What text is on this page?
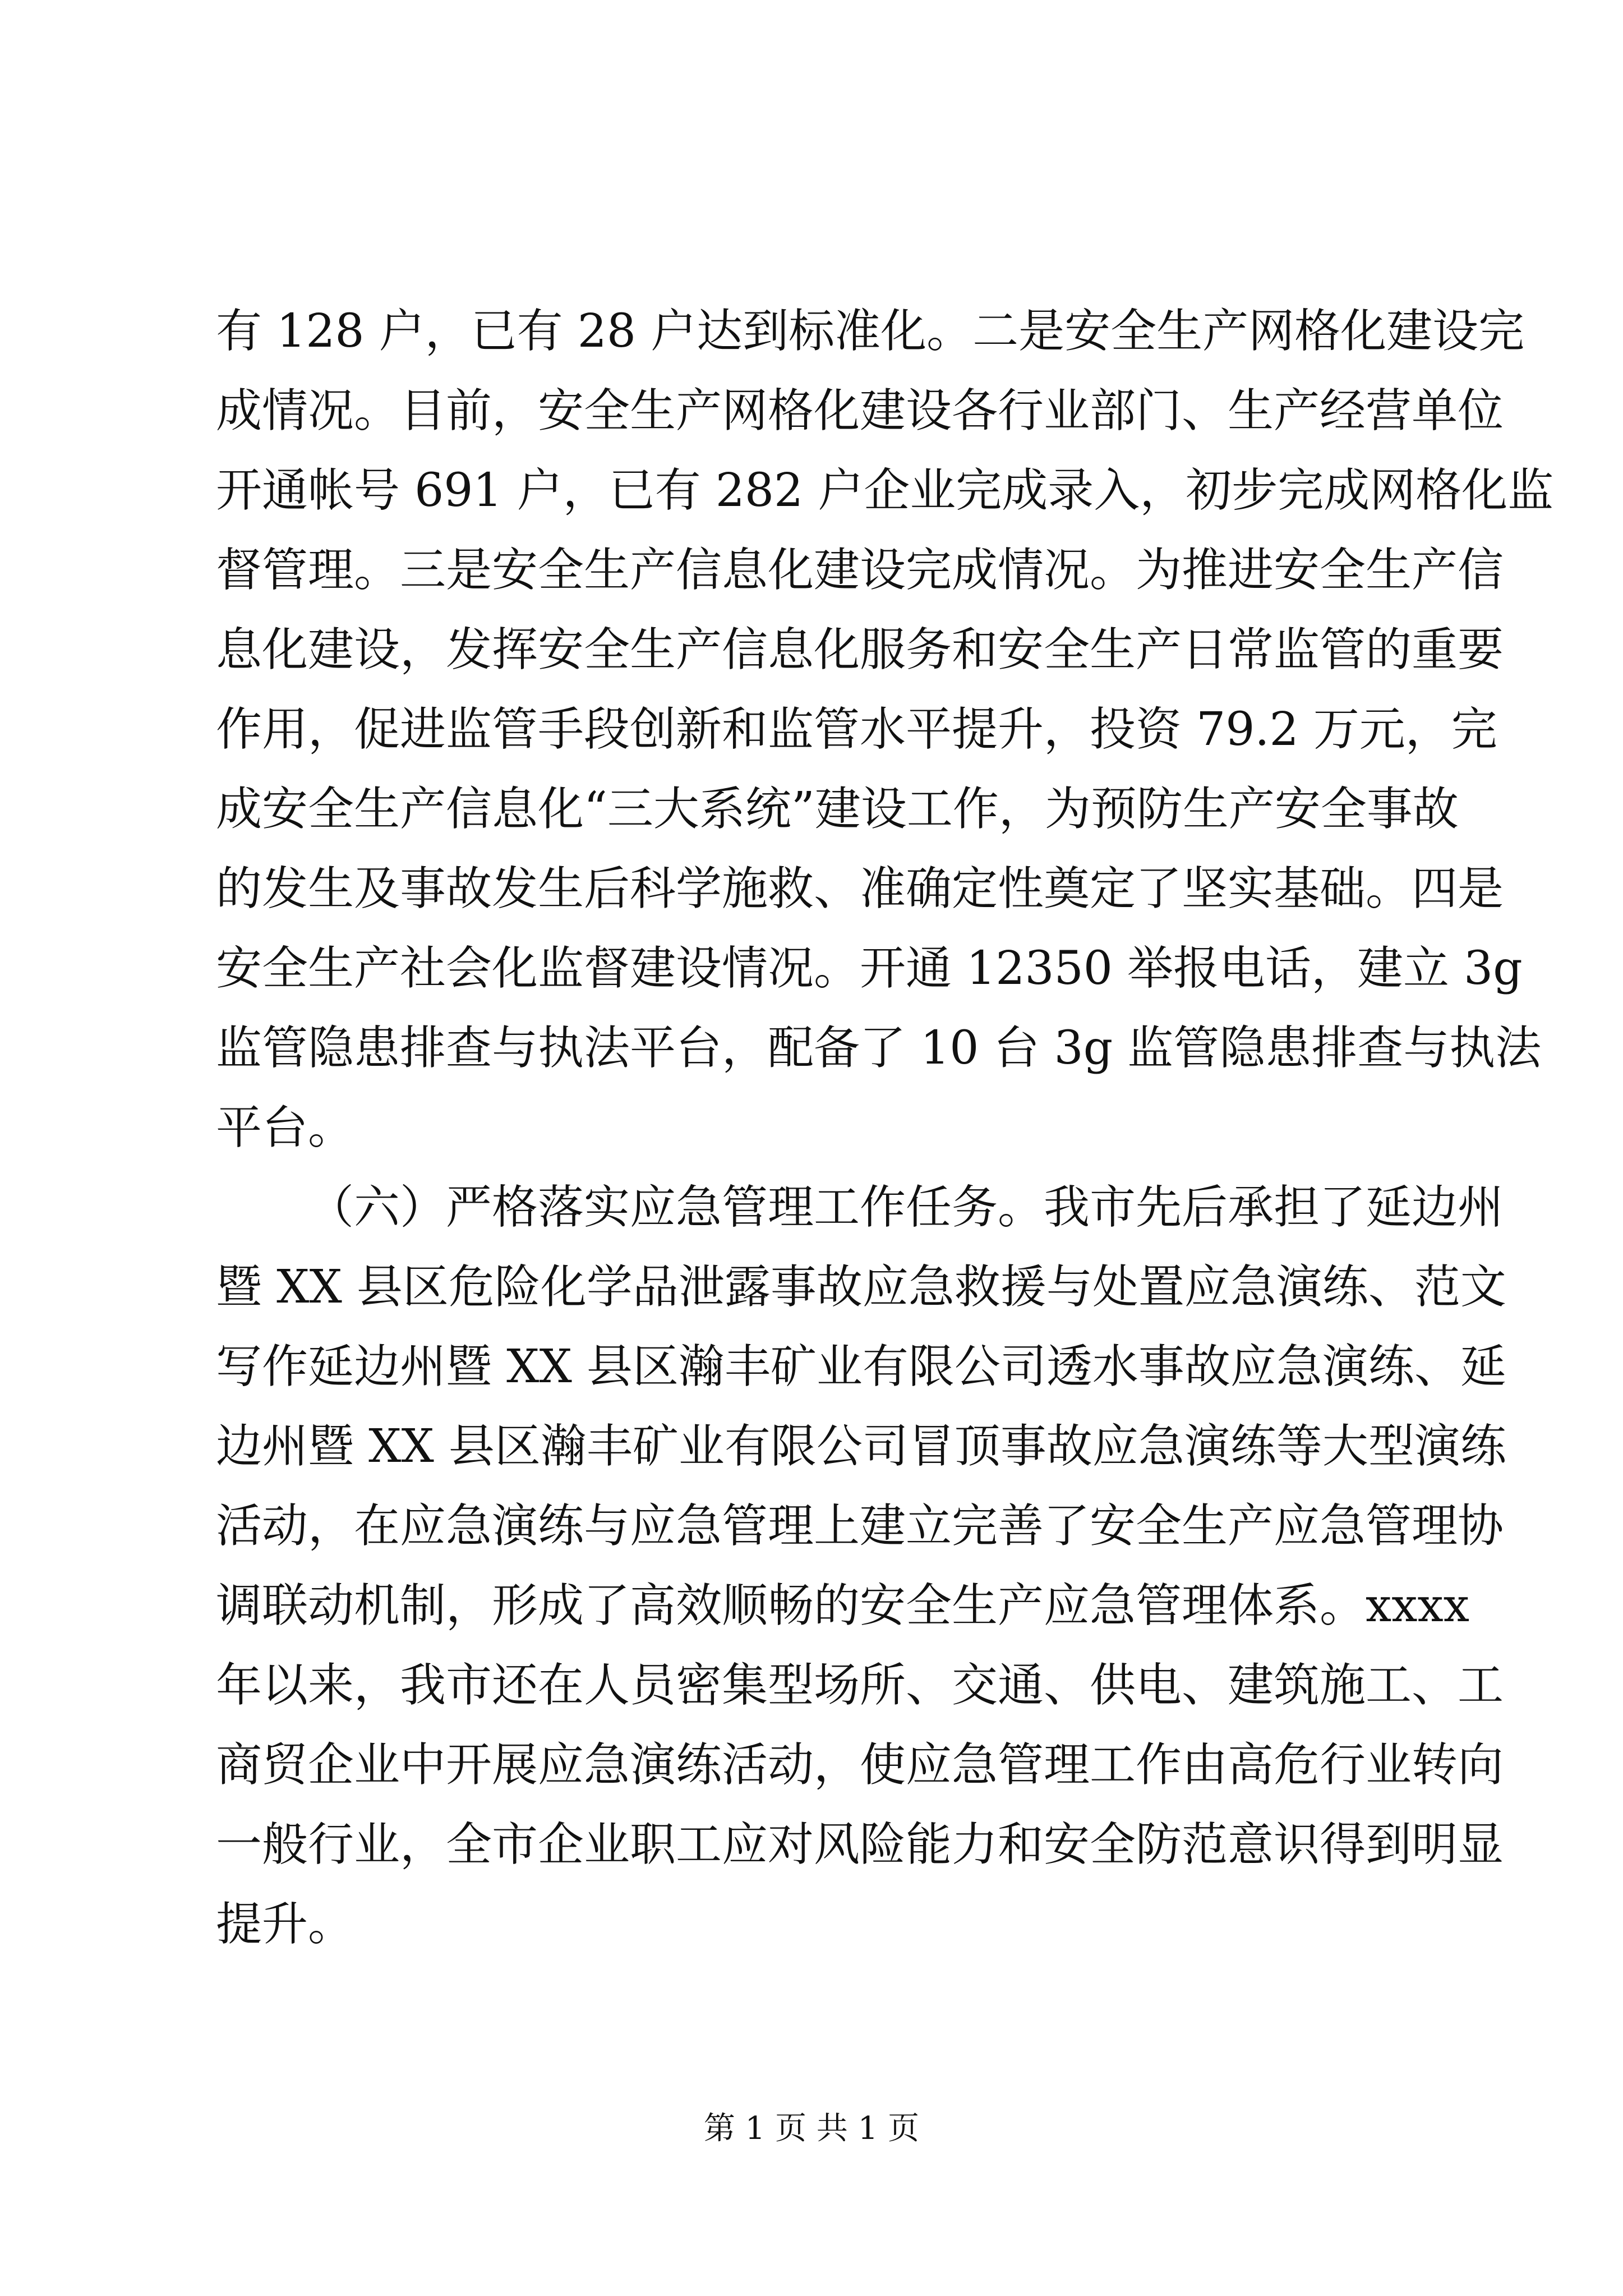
有 128 户，已有 28 户达到标准化。二是安全生产网格化建设完
成情况。目前，安全生产网格化建设各行业部门、生产经营单位
开通帐号 691 户，已有 282 户企业完成录入，初步完成网格化监
督管理。三是安全生产信息化建设完成情况。为推进安全生产信
息化建设，发挥安全生产信息化服务和安全生产日常监管的重要
作用，促进监管手段创新和监管水平提升，投资 79.2 万元，完
成安全生产信息化“三大系统”建设工作，为预防生产安全事故
的发生及事故发生后科学施救、准确定性奠定了坚实基础。四是
安全生产社会化监督建设情况。开通 12350 举报电话，建立 3g
监管隐患排查与执法平台，配备了 10 台 3g 监管隐患排查与执法
平台。
（六）严格落实应急管理工作任务。我市先后承担了延边州
暨 XX 县区危险化学品泄露事故应急救援与处置应急演练、范文
写作延边州暨 XX 县区瀚丰矿业有限公司透水事故应急演练、延
边州暨 XX 县区瀚丰矿业有限公司冒顶事故应急演练等大型演练
活动，在应急演练与应急管理上建立完善了安全生产应急管理协
调联动机制，形成了高效顺畅的安全生产应急管理体系。xxxx
年以来，我市还在人员密集型场所、交通、供电、建筑施工、工
商贸企业中开展应急演练活动，使应急管理工作由高危行业转向
一般行业，全市企业职工应对风险能力和安全防范意识得到明显
提升。
第 1 页 共 1 页
